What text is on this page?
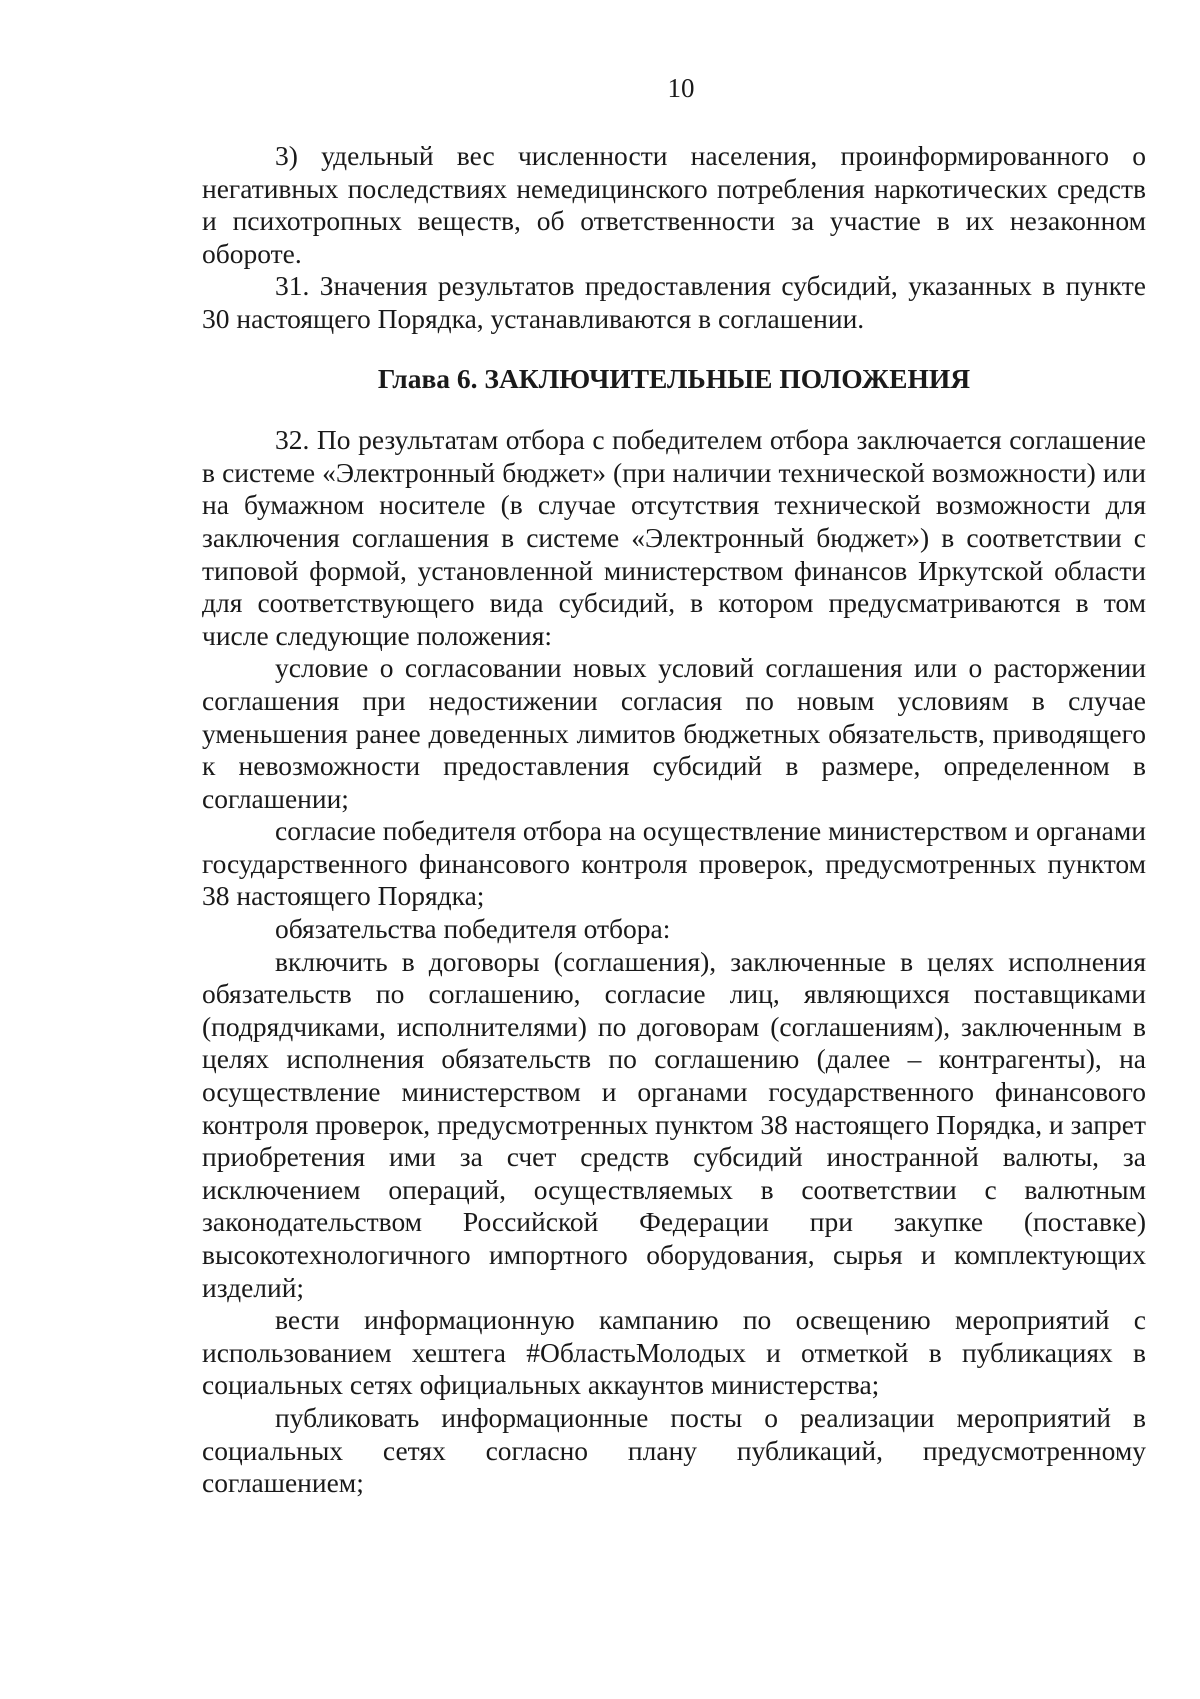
10

3) удельный вес численности населения, проинформированного о негативных последствиях немедицинского потребления наркотических средств и психотропных веществ, об ответственности за участие в их незаконном обороте.

31. Значения результатов предоставления субсидий, указанных в пункте 30 настоящего Порядка, устанавливаются в соглашении.

Глава 6. ЗАКЛЮЧИТЕЛЬНЫЕ ПОЛОЖЕНИЯ

32. По результатам отбора с победителем отбора заключается соглашение в системе «Электронный бюджет» (при наличии технической возможности) или на бумажном носителе (в случае отсутствия технической возможности для заключения соглашения в системе «Электронный бюджет») в соответствии с типовой формой, установленной министерством финансов Иркутской области для соответствующего вида субсидий, в котором предусматриваются в том числе следующие положения:

условие о согласовании новых условий соглашения или о расторжении соглашения при недостижении согласия по новым условиям в случае уменьшения ранее доведенных лимитов бюджетных обязательств, приводящего к невозможности предоставления субсидий в размере, определенном в соглашении;

согласие победителя отбора на осуществление министерством и органами государственного финансового контроля проверок, предусмотренных пунктом 38 настоящего Порядка;

обязательства победителя отбора:

включить в договоры (соглашения), заключенные в целях исполнения обязательств по соглашению, согласие лиц, являющихся поставщиками (подрядчиками, исполнителями) по договорам (соглашениям), заключенным в целях исполнения обязательств по соглашению (далее – контрагенты), на осуществление министерством и органами государственного финансового контроля проверок, предусмотренных пунктом 38 настоящего Порядка, и запрет приобретения ими за счет средств субсидий иностранной валюты, за исключением операций, осуществляемых в соответствии с валютным законодательством Российской Федерации при закупке (поставке) высокотехнологичного импортного оборудования, сырья и комплектующих изделий;

вести информационную кампанию по освещению мероприятий с использованием хештега #ОбластьМолодых и отметкой в публикациях в социальных сетях официальных аккаунтов министерства;

публиковать информационные посты о реализации мероприятий в социальных сетях согласно плану публикаций, предусмотренному соглашением;
